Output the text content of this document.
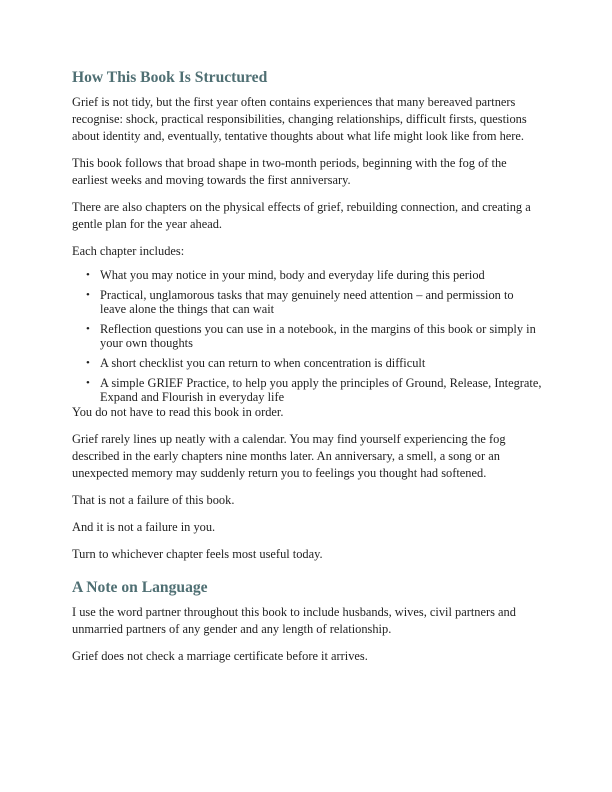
How This Book Is Structured

Grief is not tidy, but the first year often contains experiences that many bereaved partners recognise: shock, practical responsibilities, changing relationships, difficult firsts, questions about identity and, eventually, tentative thoughts about what life might look like from here.

This book follows that broad shape in two-month periods, beginning with the fog of the earliest weeks and moving towards the first anniversary.

There are also chapters on the physical effects of grief, rebuilding connection, and creating a gentle plan for the year ahead.

Each chapter includes:

• What you may notice in your mind, body and everyday life during this period
• Practical, unglamorous tasks that may genuinely need attention – and permission to leave alone the things that can wait
• Reflection questions you can use in a notebook, in the margins of this book or simply in your own thoughts
• A short checklist you can return to when concentration is difficult
• A simple GRIEF Practice, to help you apply the principles of Ground, Release, Integrate, Expand and Flourish in everyday life

You do not have to read this book in order.

Grief rarely lines up neatly with a calendar. You may find yourself experiencing the fog described in the early chapters nine months later. An anniversary, a smell, a song or an unexpected memory may suddenly return you to feelings you thought had softened.

That is not a failure of this book.

And it is not a failure in you.

Turn to whichever chapter feels most useful today.

A Note on Language

I use the word partner throughout this book to include husbands, wives, civil partners and unmarried partners of any gender and any length of relationship.

Grief does not check a marriage certificate before it arrives.
